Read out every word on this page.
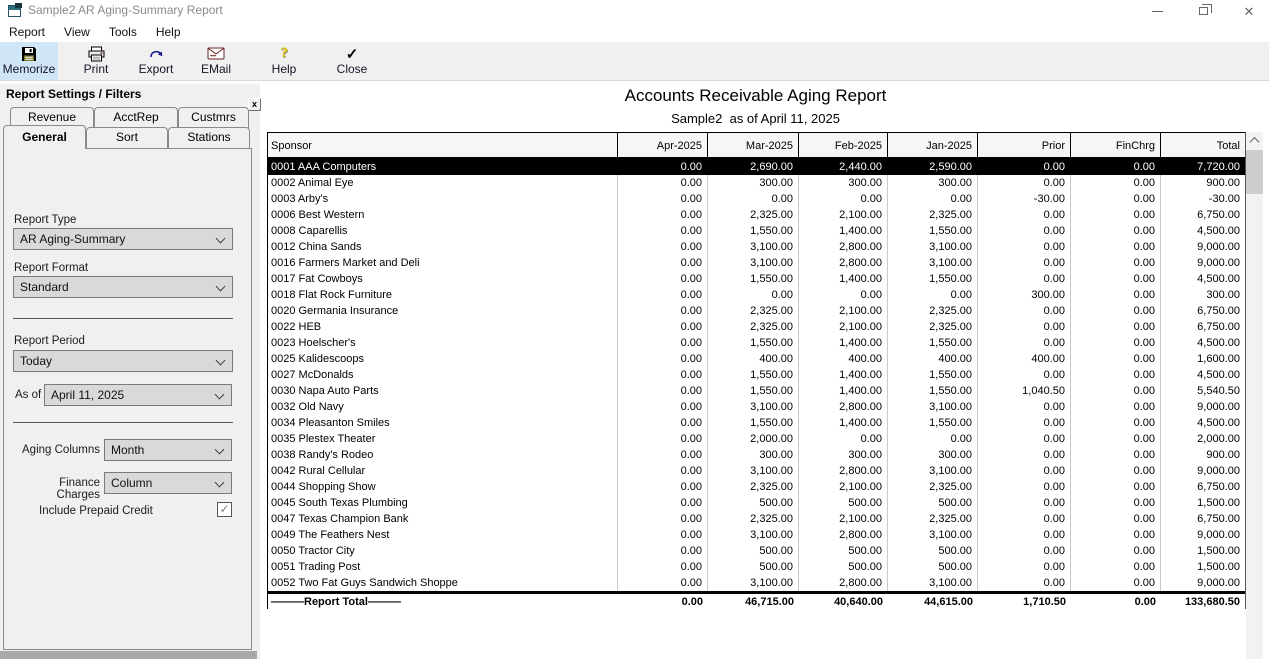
Sample2 AR Aging-Summary Report	✕
Report	View	Tools	Help
Memorize	Print	Export	EMail
?
Help
✓
Close
Report Settings / Filters
x
Revenue	AcctRep	Custmrs
Sort	Stations
General
Report Type
AR Aging-Summary
Report Format
Standard
Report Period
Today
As of April 11, 2025
Aging Columns Month
Finance Charges
Column
Include Prepaid Credit	✓
Accounts Receivable Aging Report
Sample2  as of April 11, 2025
Sponsor	Apr-2025	Mar-2025	Feb-2025	Jan-2025	Prior	FinChrg	Total
0001 AAA Computers	0.00	2,690.00	2,440.00	2,590.00	0.00	0.00	7,720.00
0002 Animal Eye	0.00	300.00	300.00	300.00	0.00	0.00	900.00
0003 Arby's	0.00	0.00	0.00	0.00	-30.00	0.00	-30.00
0006 Best Western	0.00	2,325.00	2,100.00	2,325.00	0.00	0.00	6,750.00
0008 Caparellis	0.00	1,550.00	1,400.00	1,550.00	0.00	0.00	4,500.00
0012 China Sands	0.00	3,100.00	2,800.00	3,100.00	0.00	0.00	9,000.00
0016 Farmers Market and Deli	0.00	3,100.00	2,800.00	3,100.00	0.00	0.00	9,000.00
0017 Fat Cowboys	0.00	1,550.00	1,400.00	1,550.00	0.00	0.00	4,500.00
0018 Flat Rock Furniture	0.00	0.00	0.00	0.00	300.00	0.00	300.00
0020 Germania Insurance	0.00	2,325.00	2,100.00	2,325.00	0.00	0.00	6,750.00
0022 HEB	0.00	2,325.00	2,100.00	2,325.00	0.00	0.00	6,750.00
0023 Hoelscher's	0.00	1,550.00	1,400.00	1,550.00	0.00	0.00	4,500.00
0025 Kalidescoops	0.00	400.00	400.00	400.00	400.00	0.00	1,600.00
0027 McDonalds	0.00	1,550.00	1,400.00	1,550.00	0.00	0.00	4,500.00
0030 Napa Auto Parts	0.00	1,550.00	1,400.00	1,550.00	1,040.50	0.00	5,540.50
0032 Old Navy	0.00	3,100.00	2,800.00	3,100.00	0.00	0.00	9,000.00
0034 Pleasanton Smiles	0.00	1,550.00	1,400.00	1,550.00	0.00	0.00	4,500.00
0035 Plestex Theater	0.00	2,000.00	0.00	0.00	0.00	0.00	2,000.00
0038 Randy's Rodeo	0.00	300.00	300.00	300.00	0.00	0.00	900.00
0042 Rural Cellular	0.00	3,100.00	2,800.00	3,100.00	0.00	0.00	9,000.00
0044 Shopping Show	0.00	2,325.00	2,100.00	2,325.00	0.00	0.00	6,750.00
0045 South Texas Plumbing	0.00	500.00	500.00	500.00	0.00	0.00	1,500.00
0047 Texas Champion Bank	0.00	2,325.00	2,100.00	2,325.00	0.00	0.00	6,750.00
0049 The Feathers Nest	0.00	3,100.00	2,800.00	3,100.00	0.00	0.00	9,000.00
0050 Tractor City	0.00	500.00	500.00	500.00	0.00	0.00	1,500.00
0051 Trading Post	0.00	500.00	500.00	500.00	0.00	0.00	1,500.00
0052 Two Fat Guys Sandwich Shoppe	0.00	3,100.00	2,800.00	3,100.00	0.00	0.00	9,000.00
———Report Total———	0.00	46,715.00	40,640.00	44,615.00	1,710.50	0.00	133,680.50
